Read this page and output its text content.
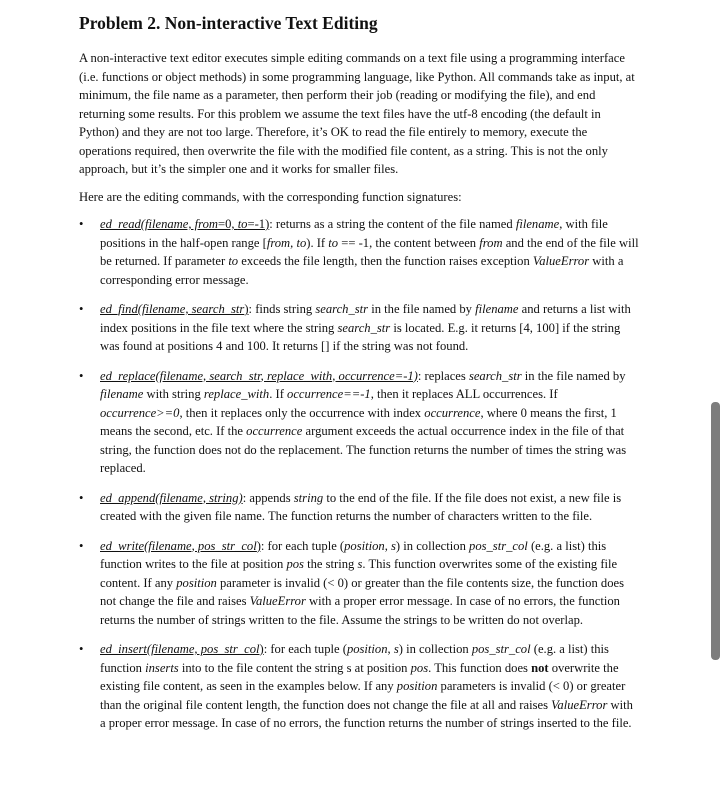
Problem 2. Non-interactive Text Editing

A non-interactive text editor executes simple editing commands on a text file using a programming interface (i.e. functions or object methods) in some programming language, like Python. All commands take as input, at minimum, the file name as a parameter, then perform their job (reading or modifying the file), and end returning some results. For this problem we assume the text files have the utf-8 encoding (the default in Python) and they are not too large. Therefore, it’s OK to read the file entirely to memory, execute the operations required, then overwrite the file with the modified file content, as a string. This is not the only approach, but it’s the simpler one and it works for smaller files.

Here are the editing commands, with the corresponding function signatures:

• ed_read(filename, from=0, to=-1): returns as a string the content of the file named filename, with file positions in the half-open range [from, to). If to == -1, the content between from and the end of the file will be returned. If parameter to exceeds the file length, then the function raises exception ValueError with a corresponding error message.
• ed_find(filename, search_str): finds string search_str in the file named by filename and returns a list with index positions in the file text where the string search_str is located. E.g. it returns [4, 100] if the string was found at positions 4 and 100. It returns [] if the string was not found.
• ed_replace(filename, search_str, replace_with, occurrence=-1): replaces search_str in the file named by filename with string replace_with. If occurrence==-1, then it replaces ALL occurrences. If occurrence>=0, then it replaces only the occurrence with index occurrence, where 0 means the first, 1 means the second, etc. If the occurrence argument exceeds the actual occurrence index in the file of that string, the function does not do the replacement. The function returns the number of times the string was replaced.
• ed_append(filename, string): appends string to the end of the file. If the file does not exist, a new file is created with the given file name. The function returns the number of characters written to the file.
• ed_write(filename, pos_str_col): for each tuple (position, s) in collection pos_str_col (e.g. a list) this function writes to the file at position pos the string s. This function overwrites some of the existing file content. If any position parameter is invalid (< 0) or greater than the file contents size, the function does not change the file and raises ValueError with a proper error message. In case of no errors, the function returns the number of strings written to the file. Assume the strings to be written do not overlap.
• ed_insert(filename, pos_str_col): for each tuple (position, s) in collection pos_str_col (e.g. a list) this function inserts into to the file content the string s at position pos. This function does not overwrite the existing file content, as seen in the examples below. If any position parameters is invalid (< 0) or greater than the original file content length, the function does not change the file at all and raises ValueError with a proper error message. In case of no errors, the function returns the number of strings inserted to the file.
